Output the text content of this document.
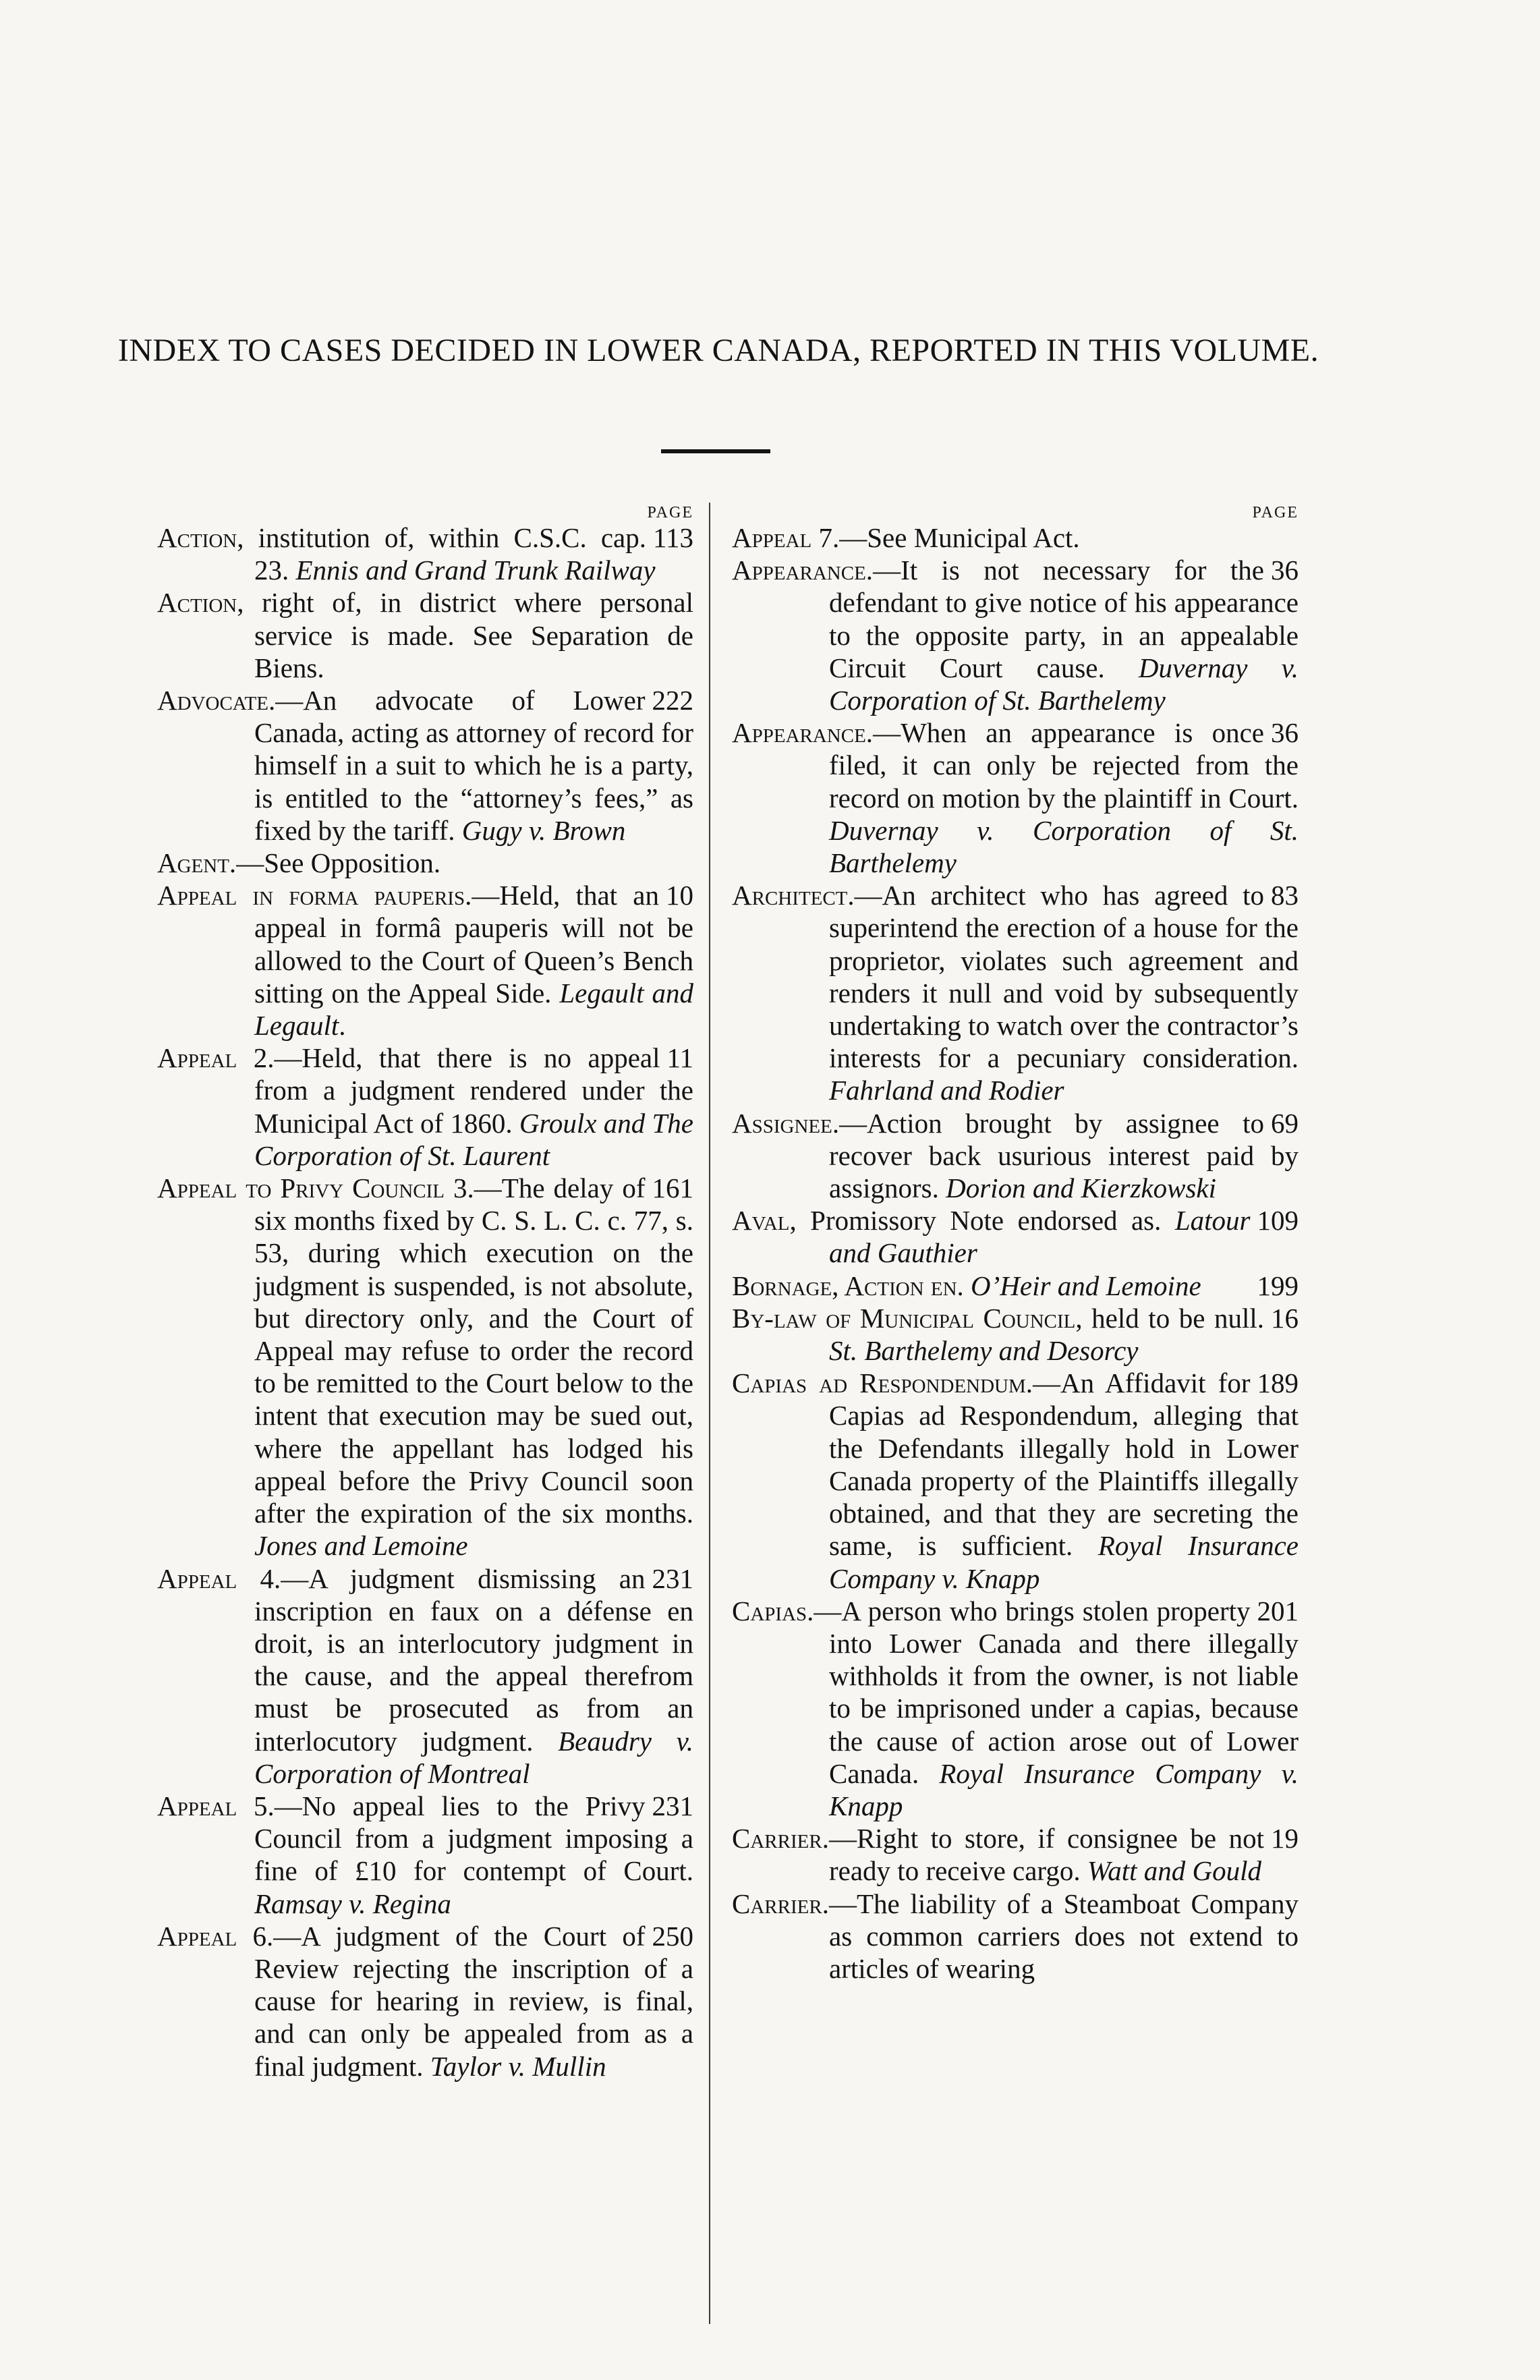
INDEX TO CASES DECIDED IN LOWER CANADA, REPORTED IN THIS VOLUME.
PAGE

113
Action, institution of, within C.S.C. cap. 23. Ennis and Grand Trunk Railway

Action, right of, in district where personal service is made. See Separation de Biens.

222
Advocate.—An advocate of Lower Canada, acting as attorney of record for himself in a suit to which he is a party, is entitled to the “attorney’s fees,” as fixed by the tariff. Gugy v. Brown

Agent.—See Opposition.

10
Appeal in forma pauperis.—Held, that an appeal in formâ pauperis will not be allowed to the Court of Queen’s Bench sitting on the Appeal Side. Legault and Legault.

11
Appeal 2.—Held, that there is no appeal from a judgment rendered under the Municipal Act of 1860. Groulx and The Corporation of St. Laurent

161
Appeal to Privy Council 3.—The delay of six months fixed by C. S. L. C. c. 77, s. 53, during which execution on the judgment is suspended, is not absolute, but directory only, and the Court of Appeal may refuse to order the record to be remitted to the Court below to the intent that execution may be sued out, where the appellant has lodged his appeal before the Privy Council soon after the expiration of the six months. Jones and Lemoine

231
Appeal 4.—A judgment dismissing an inscription en faux on a défense en droit, is an interlocutory judgment in the cause, and the appeal therefrom must be prosecuted as from an interlocutory judgment. Beaudry v. Corporation of Montreal

231
Appeal 5.—No appeal lies to the Privy Council from a judgment imposing a fine of £10 for contempt of Court. Ramsay v. Regina

250
Appeal 6.—A judgment of the Court of Review rejecting the inscription of a cause for hearing in review, is final, and can only be appealed from as a final judgment. Taylor v. Mullin

PAGE

Appeal 7.—See Municipal Act.

36
Appearance.—It is not necessary for the defendant to give notice of his appearance to the opposite party, in an appealable Circuit Court cause. Duvernay v. Corporation of St. Barthelemy

36
Appearance.—When an appearance is once filed, it can only be rejected from the record on motion by the plaintiff in Court. Duvernay v. Corporation of St. Barthelemy

83
Architect.—An architect who has agreed to superintend the erection of a house for the proprietor, violates such agreement and renders it null and void by subsequently undertaking to watch over the contractor’s interests for a pecuniary consideration. Fahrland and Rodier

69
Assignee.—Action brought by assignee to recover back usurious interest paid by assignors. Dorion and Kierzkowski

109
Aval, Promissory Note endorsed as. Latour and Gauthier

199
Bornage, Action en. O’Heir and Lemoine

16
By-law of Municipal Council, held to be null. St. Barthelemy and Desorcy

189
Capias ad Respondendum.—An Affidavit for Capias ad Respondendum, alleging that the Defendants illegally hold in Lower Canada property of the Plaintiffs illegally obtained, and that they are secreting the same, is sufficient. Royal Insurance Company v. Knapp

201
Capias.—A person who brings stolen property into Lower Canada and there illegally withholds it from the owner, is not liable to be imprisoned under a capias, because the cause of action arose out of Lower Canada. Royal Insurance Company v. Knapp

19
Carrier.—Right to store, if consignee be not ready to receive cargo. Watt and Gould

Carrier.—The liability of a Steamboat Company as common carriers does not extend to articles of wearing
